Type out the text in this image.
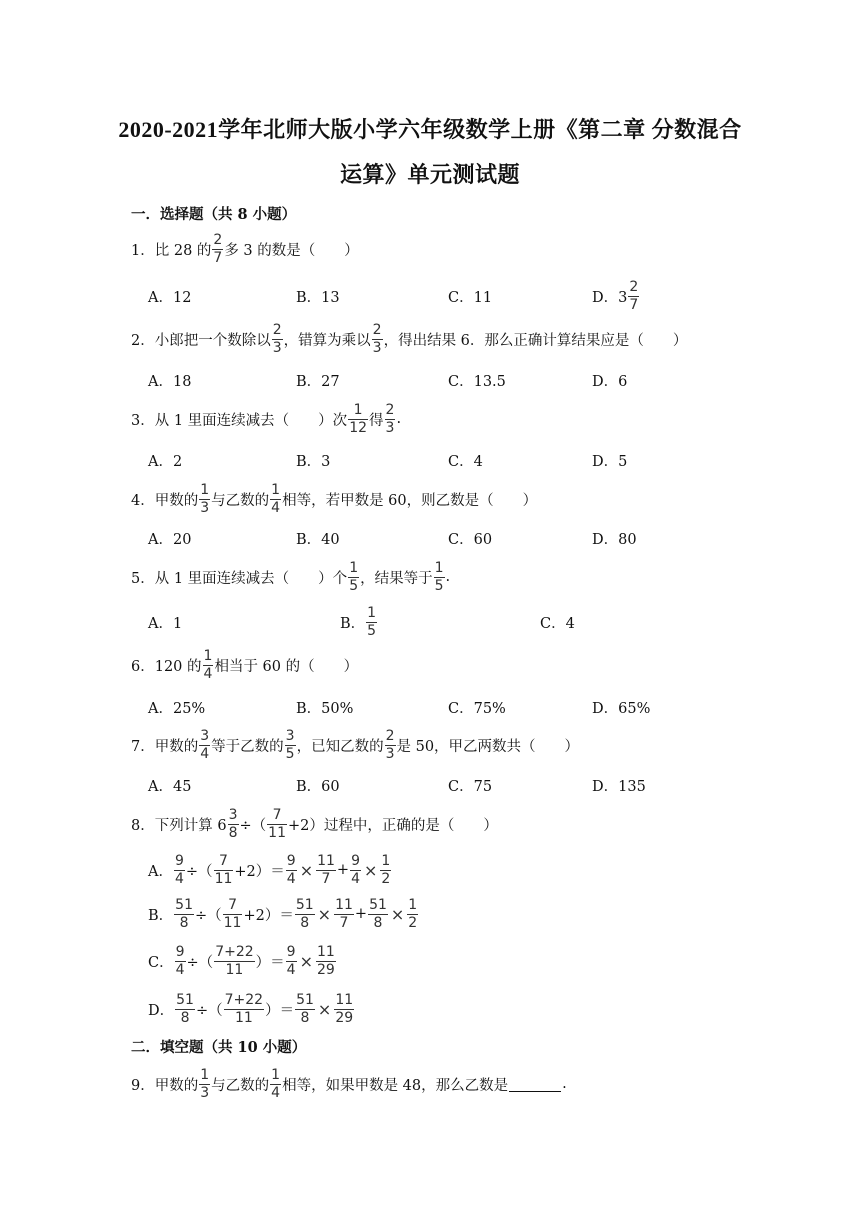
2020-2021学年北师大版小学六年级数学上册《第二章 分数混合
运算》单元测试题
一．选择题（共 8 小题）
1． 比 28 的 $\frac{2}{7}$ 多 3 的数是（　　）
A．12	B．13	C．11	D．$3 \frac{2}{7}$
2． 小郎把一个数除以 $\frac{2}{3}$ ，错算为乘以 $\frac{2}{3}$ ，得出结果 6．那么正确计算结果应是（　　）
A．18	B．27	C．13.5	D．6
3． 从 1 里面连续减去（　　）次 $\frac{1}{12}$ 得 $\frac{2}{3}$ .
A．2	B．3	C．4	D．5
4． 甲数的 $\frac{1}{3}$ 与乙数的 $\frac{1}{4}$ 相等，若甲数是 60，则乙数是（　　）
A．20	B．40	C．60	D．80
5． 从 1 里面连续减去（　　）个 $\frac{1}{5}$ ，结果等于 $\frac{1}{5}$ .
A．1	B． $\frac{1}{5}$	C．4
6． 120 的 $\frac{1}{4}$ 相当于 60 的（　　）
A．25%	B．50%	C．75%	D．65%
7． 甲数的 $\frac{3}{4}$ 等于乙数的 $\frac{3}{5}$ ，已知乙数的 $\frac{2}{3}$ 是 50，甲乙两数共（　　）
A．45	B．60	C．75	D．135
8． 下列计算 $6 \frac{3}{8}$ ÷（ $\frac{7}{11} +2$）过程中，正确的是（　　）
A． $\frac{9}{4}$ ÷（ $\frac{7}{11} +2)= \frac{9}{4} \times \frac{11}{7} + \frac{9}{4} \times \frac{1}{2}$
B． $\frac{51}{8}$ ÷（ $\frac{7}{11} +2)= \frac{51}{8} \times \frac{11}{7} + \frac{51}{8} \times \frac{1}{2}$
C． $\frac{9}{4}$ ÷（ $\frac{7+22}{11}$ ）＝ $\frac{9}{4} \times \frac{11}{29}$
D． $\frac{51}{8}$ ÷（ $\frac{7+22}{11}$ ）＝ $\frac{51}{8} \times \frac{11}{29}$
二．填空题（共 10 小题）
9． 甲数的 $\frac{1}{3}$ 与乙数的 $\frac{1}{4}$ 相等，如果甲数是 48，那么乙数是	.
